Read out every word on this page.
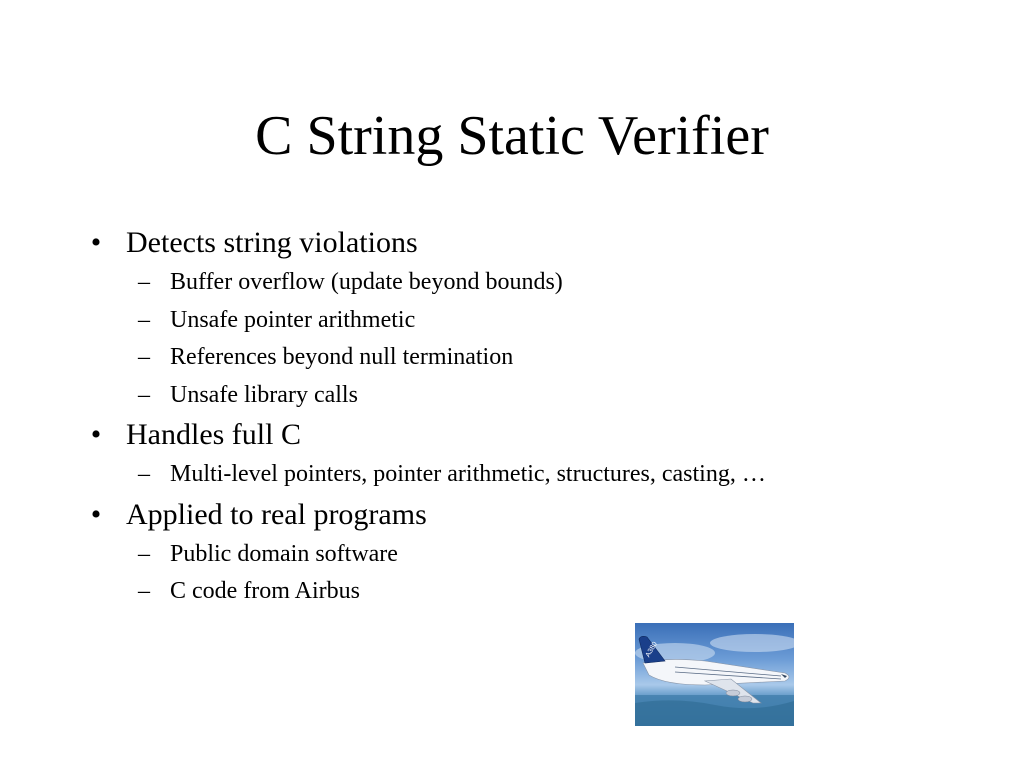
C String Static Verifier
• Detects string violations
– Buffer overflow (update beyond bounds)
– Unsafe pointer arithmetic
– References beyond null termination
– Unsafe library calls
• Handles full C
– Multi-level pointers, pointer arithmetic, structures, casting, …
• Applied to real programs
– Public domain software
– C code from Airbus
A380
